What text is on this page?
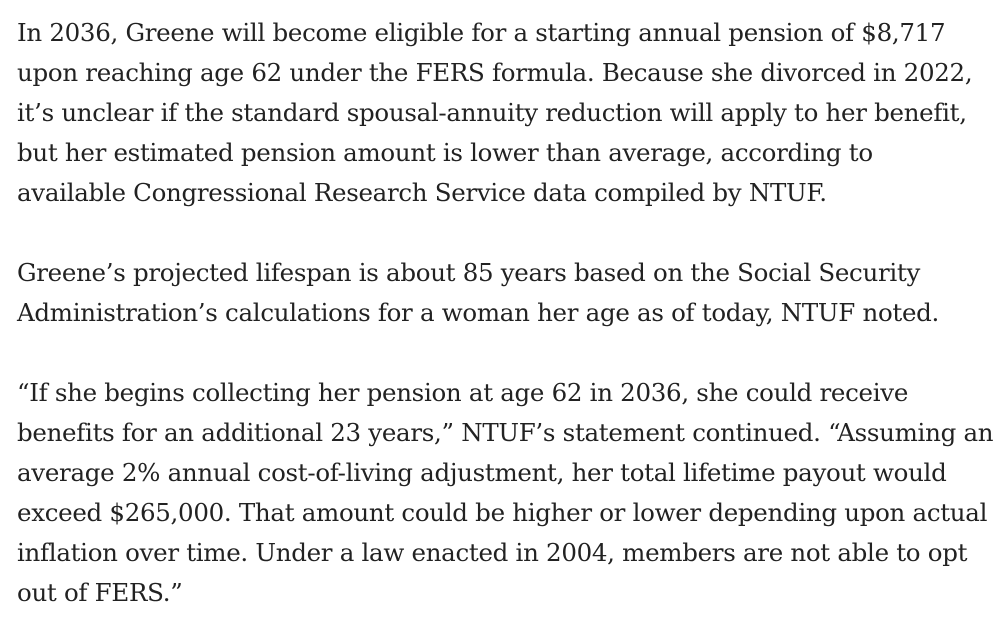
In 2036, Greene will become eligible for a starting annual pension of $8,717
upon reaching age 62 under the FERS formula. Because she divorced in 2022,
it’s unclear if the standard spousal-annuity reduction will apply to her benefit,
but her estimated pension amount is lower than average, according to
available Congressional Research Service data compiled by NTUF.

Greene’s projected lifespan is about 85 years based on the Social Security
Administration’s calculations for a woman her age as of today, NTUF noted.

“If she begins collecting her pension at age 62 in 2036, she could receive
benefits for an additional 23 years,” NTUF’s statement continued. “Assuming an
average 2% annual cost-of-living adjustment, her total lifetime payout would
exceed $265,000. That amount could be higher or lower depending upon actual
inflation over time. Under a law enacted in 2004, members are not able to opt
out of FERS.”
